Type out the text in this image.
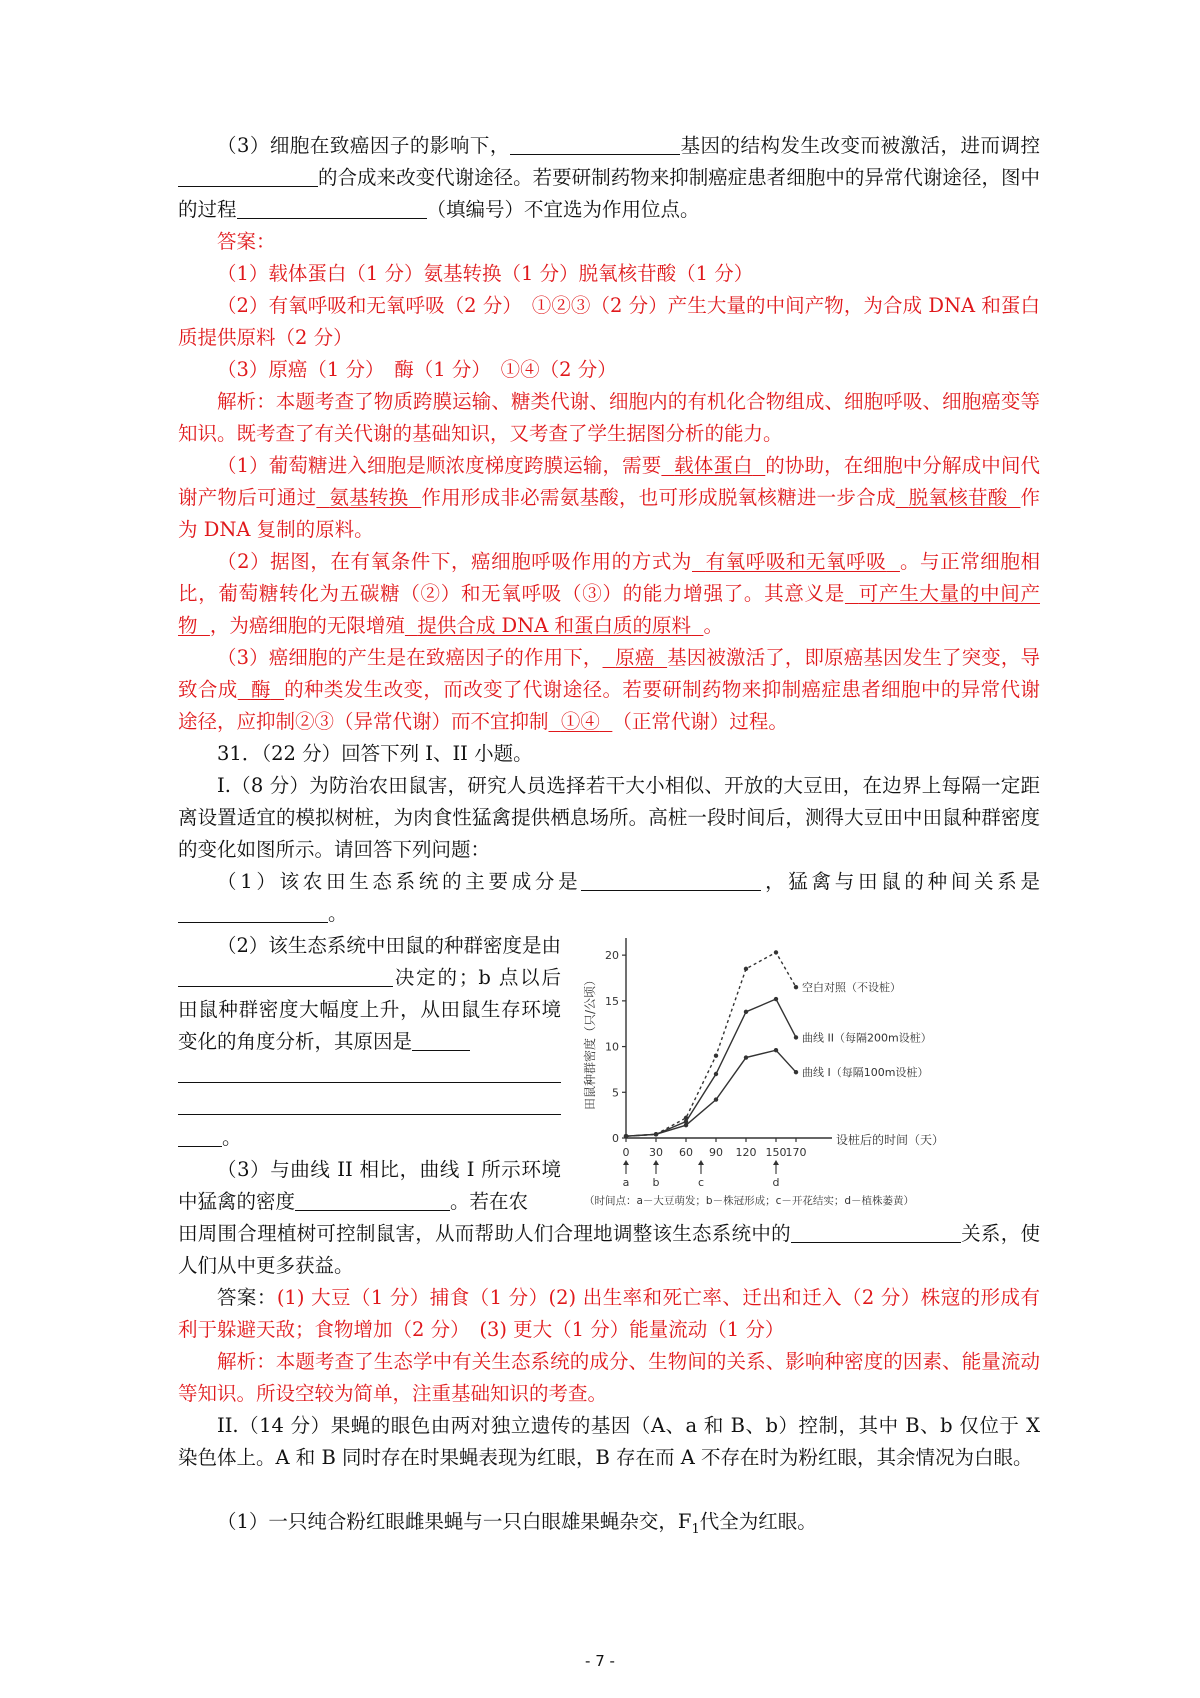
（3）细胞在致癌因子的影响下，	基因的结构发生改变而被激活，进而调控的合成来改变代谢途径。若要研制药物来抑制癌症患者细胞中的异常代谢途径，图中的过程	（填编号）不宜选为作用位点。
答案：
（1）载体蛋白（1 分）氨基转换（1 分）脱氧核苷酸（1 分）
（2）有氧呼吸和无氧呼吸（2 分）　①②③（2 分）产生大量的中间产物，为合成 DNA 和蛋白质提供原料（2 分）
（3）原癌（1 分）　酶（1 分）　①④（2 分）
解析：本题考查了物质跨膜运输、糖类代谢、细胞内的有机化合物组成、细胞呼吸、细胞癌变等知识。既考查了有关代谢的基础知识，又考查了学生据图分析的能力。
（1）葡萄糖进入细胞是顺浓度梯度跨膜运输，需要 载体蛋白 的协助，在细胞中分解成中间代谢产物后可通过 氨基转换 作用形成非必需氨基酸，也可形成脱氧核糖进一步合成 脱氧核苷酸 作为 DNA 复制的原料。
（2）据图，在有氧条件下，癌细胞呼吸作用的方式为 有氧呼吸和无氧呼吸 。与正常细胞相比，葡萄糖转化为五碳糖（②）和无氧呼吸（③）的能力增强了。其意义是 可产生大量的中间产物 ，为癌细胞的无限增殖 提供合成 DNA 和蛋白质的原料 。
（3）癌细胞的产生是在致癌因子的作用下， 原癌 基因被激活了，即原癌基因发生了突变，导致合成 酶 的种类发生改变，而改变了代谢途径。若要研制药物来抑制癌症患者细胞中的异常代谢途径，应抑制②③（异常代谢）而不宜抑制 ①④ （正常代谢）过程。
31．（22 分）回答下列 I、II 小题。
I.（8 分）为防治农田鼠害，研究人员选择若干大小相似、开放的大豆田，在边界上每隔一定距离设置适宜的模拟树桩，为肉食性猛禽提供栖息场所。高桩一段时间后，测得大豆田中田鼠种群密度的变化如图所示。请回答下列问题：
（1）该农田生态系统的主要成分是	，猛禽与田鼠的种间关系是。
（2）该生态系统中田鼠的种群密度是由决定的；b 点以后田鼠种群密度大幅度上升，从田鼠生存环境变化的角度分析，其原因是
。
（3）与曲线 II 相比，曲线 I 所示环境中猛禽的密度	。若在农
田周围合理植树可控制鼠害，从而帮助人们合理地调整该生态系统中的	关系，使人们从中更多获益。
0
5
10
15
20
0 30 60 90 120 150 170
田鼠种群密度（只/公顷）
设桩后的时间（天）
空白对照（不设桩）
曲线 II（每隔200m设桩）
曲线 I（每隔100m设桩）
a b	c	d
（时间点：a－大豆萌发；b－株冠形成；c－开花结实；d－植株萎黄）
答案：(1) 大豆（1 分）捕食（1 分）(2) 出生率和死亡率、迁出和迁入（2 分）株寇的形成有利于躲避天敌；食物增加（2 分）　(3) 更大（1 分）能量流动（1 分）
解析：本题考查了生态学中有关生态系统的成分、生物间的关系、影响种密度的因素、能量流动等知识。所设空较为简单，注重基础知识的考查。
II.（14 分）果蝇的眼色由两对独立遗传的基因（A、a 和 B、b）控制，其中 B、b 仅位于 X 染色体上。A 和 B 同时存在时果蝇表现为红眼，B 存在而 A 不存在时为粉红眼，其余情况为白眼。
（1）一只纯合粉红眼雌果蝇与一只白眼雄果蝇杂交，$F_1$代全为红眼。
- 7 -
